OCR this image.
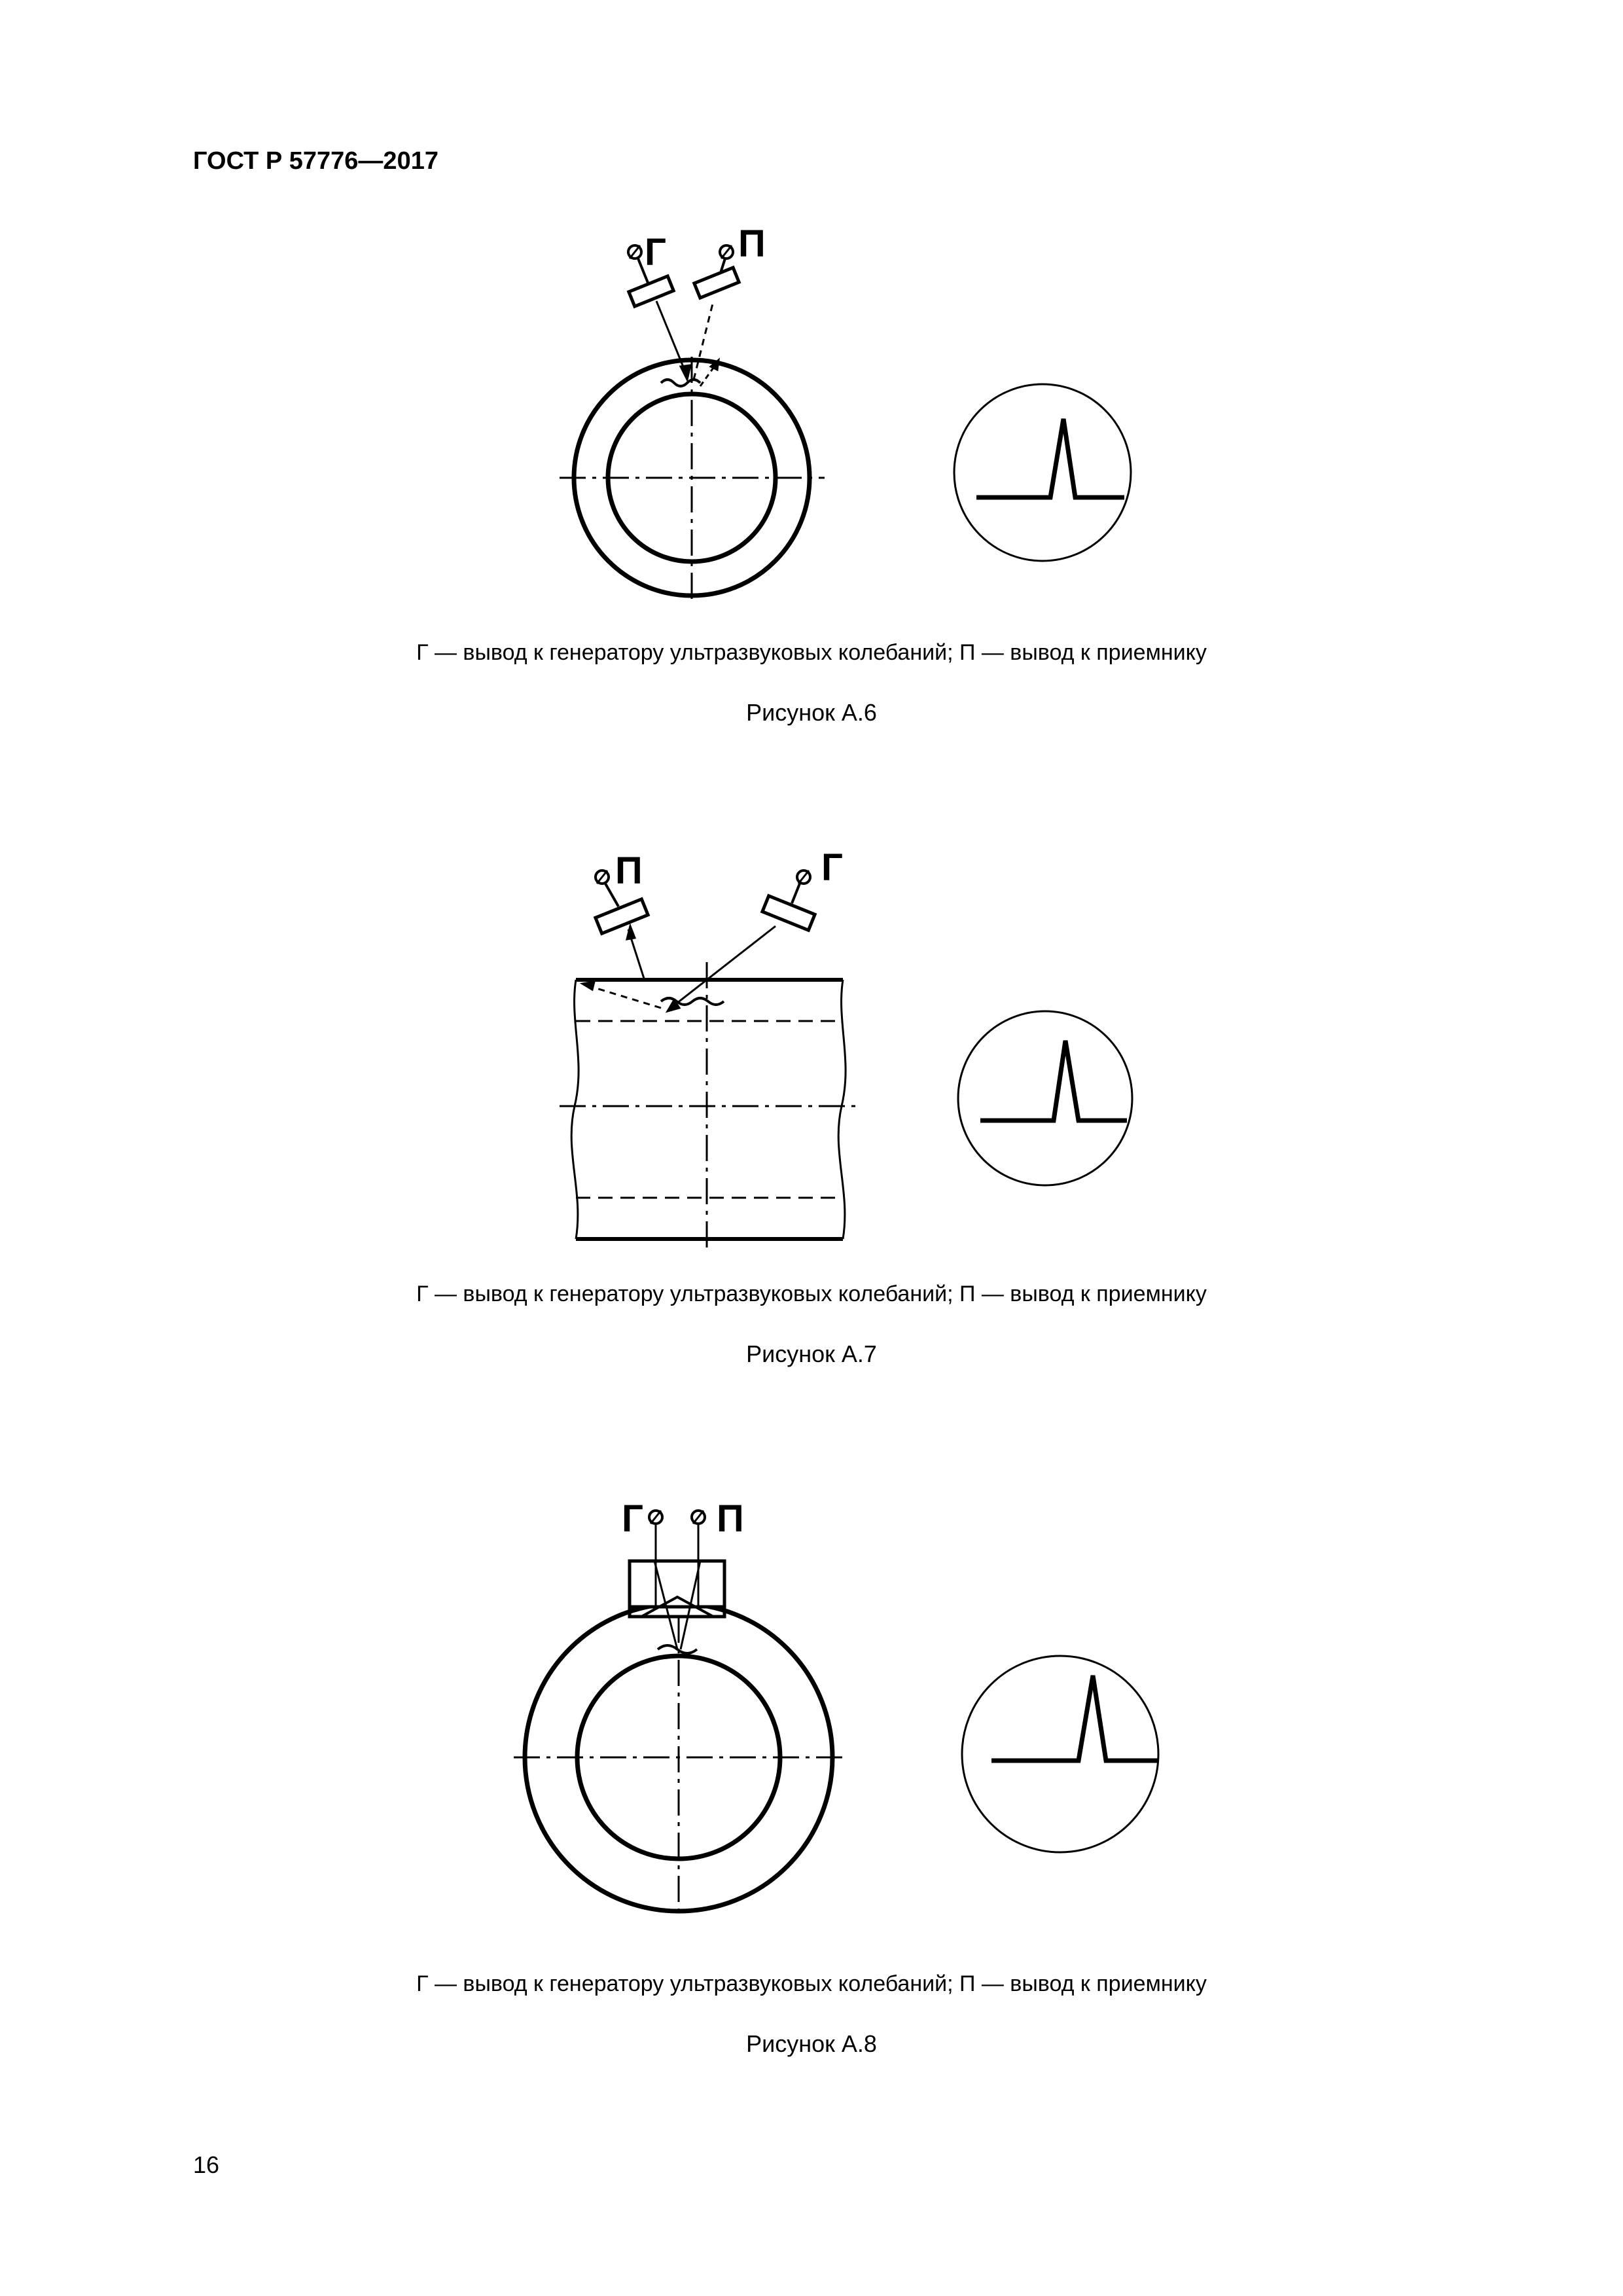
ГОСТ Р 57776—2017
Г П
Г — вывод к генератору ультразвуковых колебаний; П — вывод к приемнику
Рисунок А.6
П	Г
Г — вывод к генератору ультразвуковых колебаний; П — вывод к приемнику
Рисунок А.7
Г П
Г — вывод к генератору ультразвуковых колебаний; П — вывод к приемнику
Рисунок А.8
16
